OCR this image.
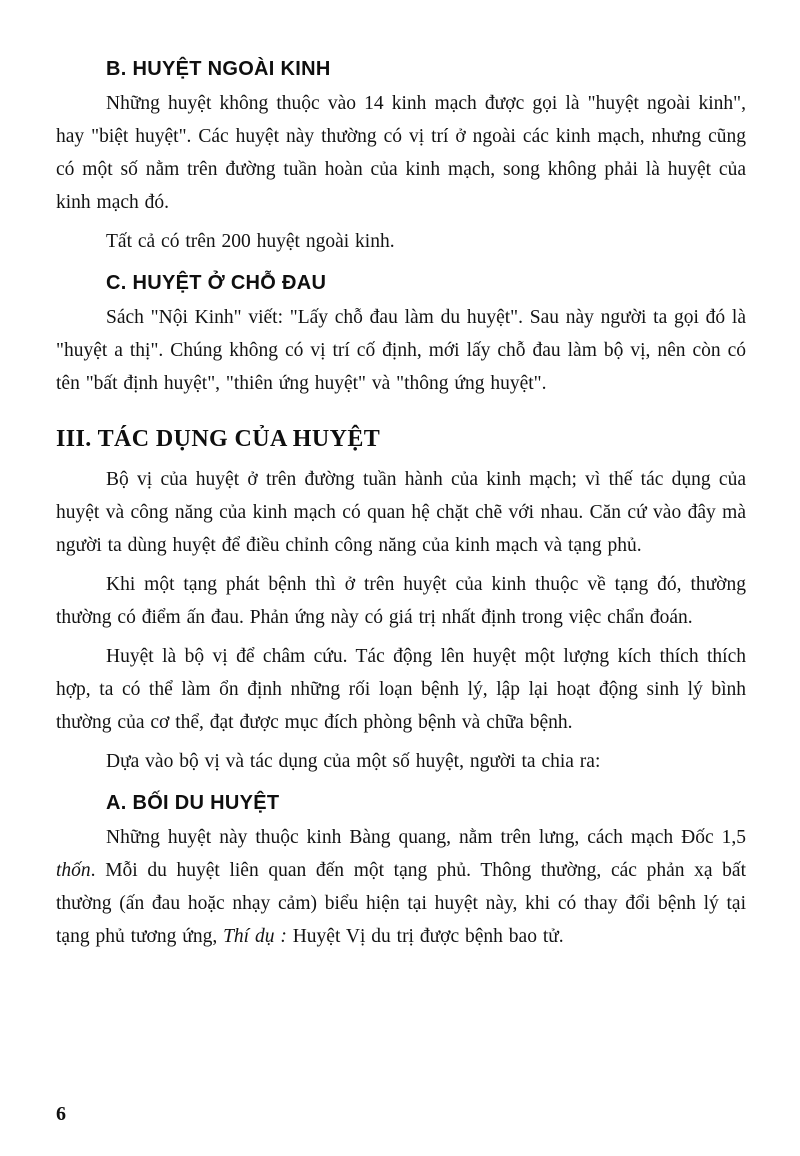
B. HUYỆT NGOÀI KINH

Những huyệt không thuộc vào 14 kinh mạch được gọi là "huyệt ngoài kinh", hay "biệt huyệt". Các huyệt này thường có vị trí ở ngoài các kinh mạch, nhưng cũng có một số nằm trên đường tuần hoàn của kinh mạch, song không phải là huyệt của kinh mạch đó.

Tất cả có trên 200 huyệt ngoài kinh.

C. HUYỆT Ở CHỖ ĐAU

Sách "Nội Kinh" viết: "Lấy chỗ đau làm du huyệt". Sau này người ta gọi đó là "huyệt a thị". Chúng không có vị trí cố định, mới lấy chỗ đau làm bộ vị, nên còn có tên "bất định huyệt", "thiên ứng huyệt" và "thông ứng huyệt".

III. TÁC DỤNG CỦA HUYỆT

Bộ vị của huyệt ở trên đường tuần hành của kinh mạch; vì thế tác dụng của huyệt và công năng của kinh mạch có quan hệ chặt chẽ với nhau. Căn cứ vào đây mà người ta dùng huyệt để điều chỉnh công năng của kinh mạch và tạng phủ.

Khi một tạng phát bệnh thì ở trên huyệt của kinh thuộc về tạng đó, thường thường có điểm ấn đau. Phản ứng này có giá trị nhất định trong việc chẩn đoán.

Huyệt là bộ vị để châm cứu. Tác động lên huyệt một lượng kích thích thích hợp, ta có thể làm ổn định những rối loạn bệnh lý, lập lại hoạt động sinh lý bình thường của cơ thể, đạt được mục đích phòng bệnh và chữa bệnh.

Dựa vào bộ vị và tác dụng của một số huyệt, người ta chia ra:

A. BỐI DU HUYỆT

Những huyệt này thuộc kinh Bàng quang, nằm trên lưng, cách mạch Đốc 1,5 thốn. Mỗi du huyệt liên quan đến một tạng phủ. Thông thường, các phản xạ bất thường (ấn đau hoặc nhạy cảm) biểu hiện tại huyệt này, khi có thay đổi bệnh lý tại tạng phủ tương ứng, Thí dụ : Huyệt Vị du trị được bệnh bao tử.

6
